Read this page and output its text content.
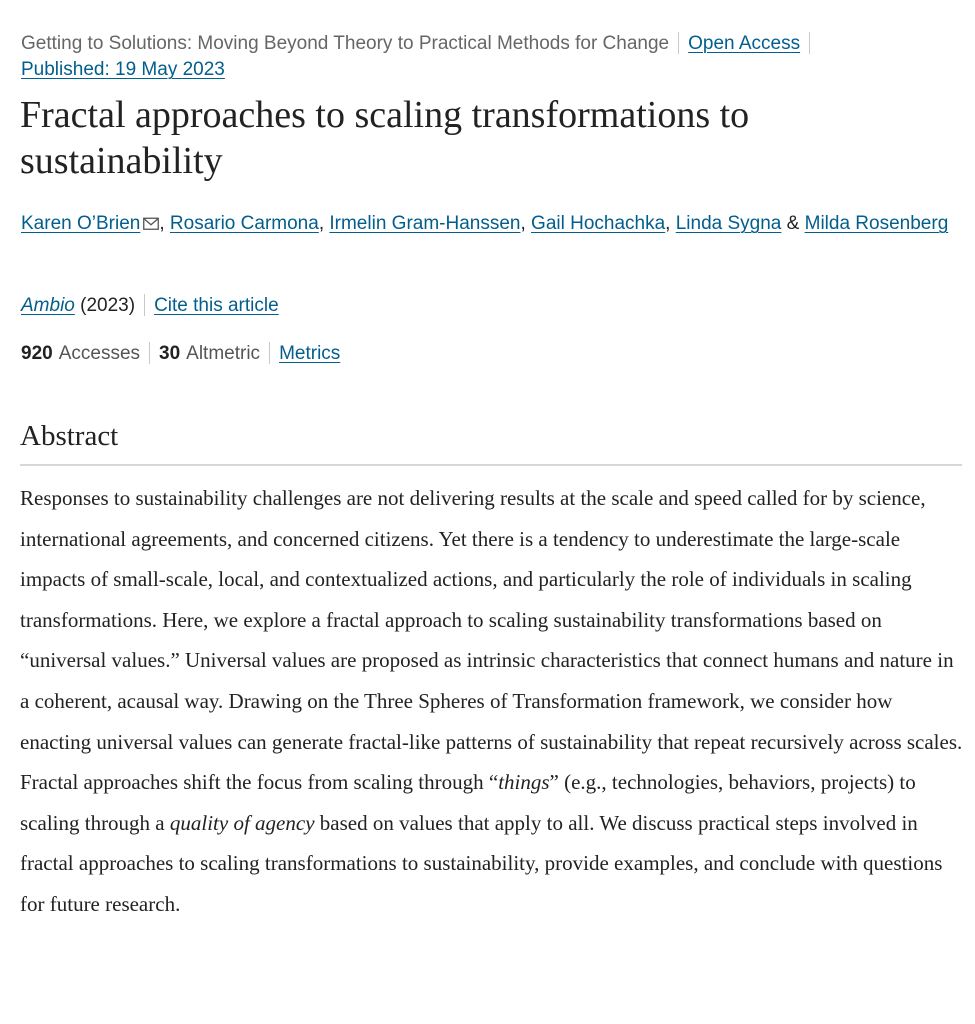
Getting to Solutions: Moving Beyond Theory to Practical Methods for Change Open Access
Published: 19 May 2023
Fractal approaches to scaling transformations to sustainability
Karen O’Brien , Rosario Carmona, Irmelin Gram-Hanssen, Gail Hochachka, Linda Sygna & Milda Rosenberg
Ambio (2023) Cite this article
920 Accesses 30 Altmetric Metrics
Abstract

Responses to sustainability challenges are not delivering results at the scale and speed called for by science, international agreements, and concerned citizens. Yet there is a tendency to underestimate the large-scale impacts of small-scale, local, and contextualized actions, and particularly the role of individuals in scaling transformations. Here, we explore a fractal approach to scaling sustainability transformations based on “universal values.” Universal values are proposed as intrinsic characteristics that connect humans and nature in a coherent, acausal way. Drawing on the Three Spheres of Transformation framework, we consider how enacting universal values can generate fractal-like patterns of sustainability that repeat recursively across scales. Fractal approaches shift the focus from scaling through “things” (e.g., technologies, behaviors, projects) to scaling through a quality of agency based on values that apply to all. We discuss practical steps involved in fractal approaches to scaling transformations to sustainability, provide examples, and conclude with questions for future research.
